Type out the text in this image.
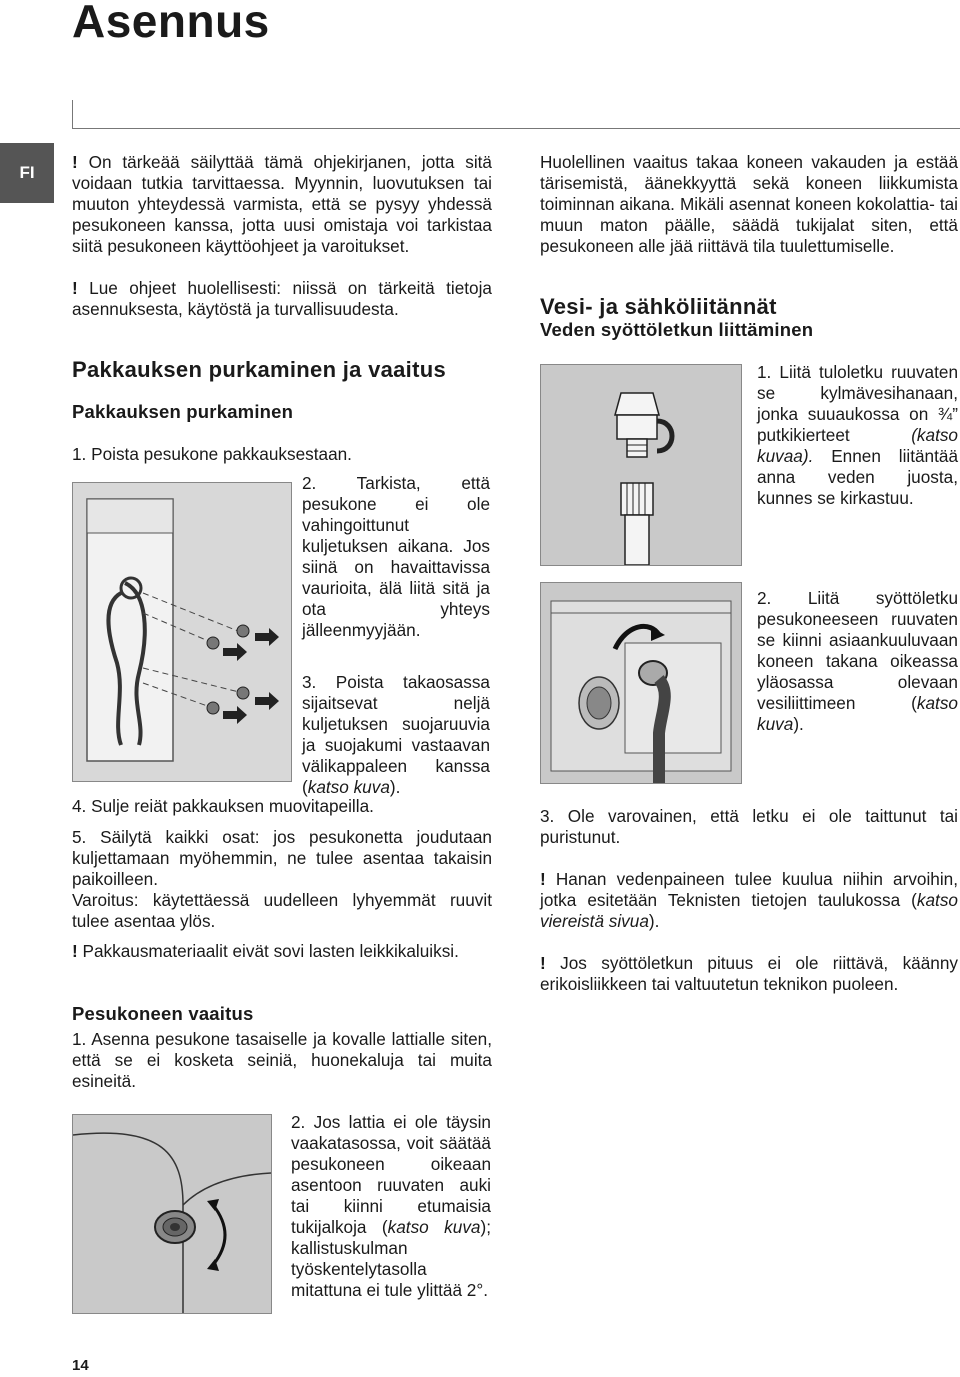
Asennus
FI

! On tärkeää säilyttää tämä ohjekirjanen, jotta sitä voidaan tutkia tarvittaessa. Myynnin, luovutuksen tai muuton yhteydessä varmista, että se pysyy yhdessä pesukoneen kanssa, jotta uusi omistaja voi tarkistaa siitä pesukoneen käyttöohjeet ja varoitukset.

! Lue ohjeet huolellisesti: niissä on tärkeitä tietoja asennuksesta, käytöstä ja turvallisuudesta.

Pakkauksen purkaminen ja vaaitus
Pakkauksen purkaminen
1. Poista pesukone pakkauksestaan.
2. Tarkista, että pesukone ei ole vahingoittunut kuljetuksen aikana. Jos siinä on havaittavissa vaurioita, älä liitä sitä ja ota yhteys jälleenmyyjään.
3. Poista takaosassa sijaitsevat neljä kuljetuksen suojaruuvia ja suojakumi vastaavan välikappaleen kanssa (katso kuva).
4. Sulje reiät pakkauksen muovitapeilla.
5. Säilytä kaikki osat: jos pesukonetta joudutaan kuljettamaan myöhemmin, ne tulee asentaa takaisin paikoilleen.
Varoitus: käytettäessä uudelleen lyhyemmät ruuvit tulee asentaa ylös.
! Pakkausmateriaalit eivät sovi lasten leikkikaluiksi.
Pesukoneen vaaitus
1. Asenna pesukone tasaiselle ja kovalle lattialle siten, että se ei kosketa seiniä, huonekaluja tai muita esineitä.
2. Jos lattia ei ole täysin vaakatasossa, voit säätää pesukoneen oikeaan asentoon ruuvaten auki tai kiinni etumaisia tukijalkoja (katso kuva); kallistuskulman työskentelytasolla mitattuna ei tule ylittää 2°.
Huolellinen vaaitus takaa koneen vakauden ja estää tärisemistä, äänekkyyttä sekä koneen liikkumista toiminnan aikana. Mikäli asennat koneen kokolattia- tai muun maton päälle, säädä tukijalat siten, että pesukoneen alle jää riittävä tila tuulettumiselle.
Vesi- ja sähköliitännät
Veden syöttöletkun liittäminen
1. Liitä tuloletku ruuvaten se kylmävesihanaan, jonka suuaukossa on ¾” putkikierteet (katso kuvaa). Ennen liitäntää anna veden juosta, kunnes se kirkastuu.
2. Liitä syöttöletku pesukoneeseen ruuvaten se kiinni asiaankuuluvaan koneen takana oikeassa yläosassa olevaan vesiliittimeen (katso kuva).
3. Ole varovainen, että letku ei ole taittunut tai puristunut.
! Hanan vedenpaineen tulee kuulua niihin arvoihin, jotka esitetään Teknisten tietojen taulukossa (katso viereistä sivua).
! Jos syöttöletkun pituus ei ole riittävä, käänny erikoisliikkeen tai valtuutetun teknikon puoleen.
14
